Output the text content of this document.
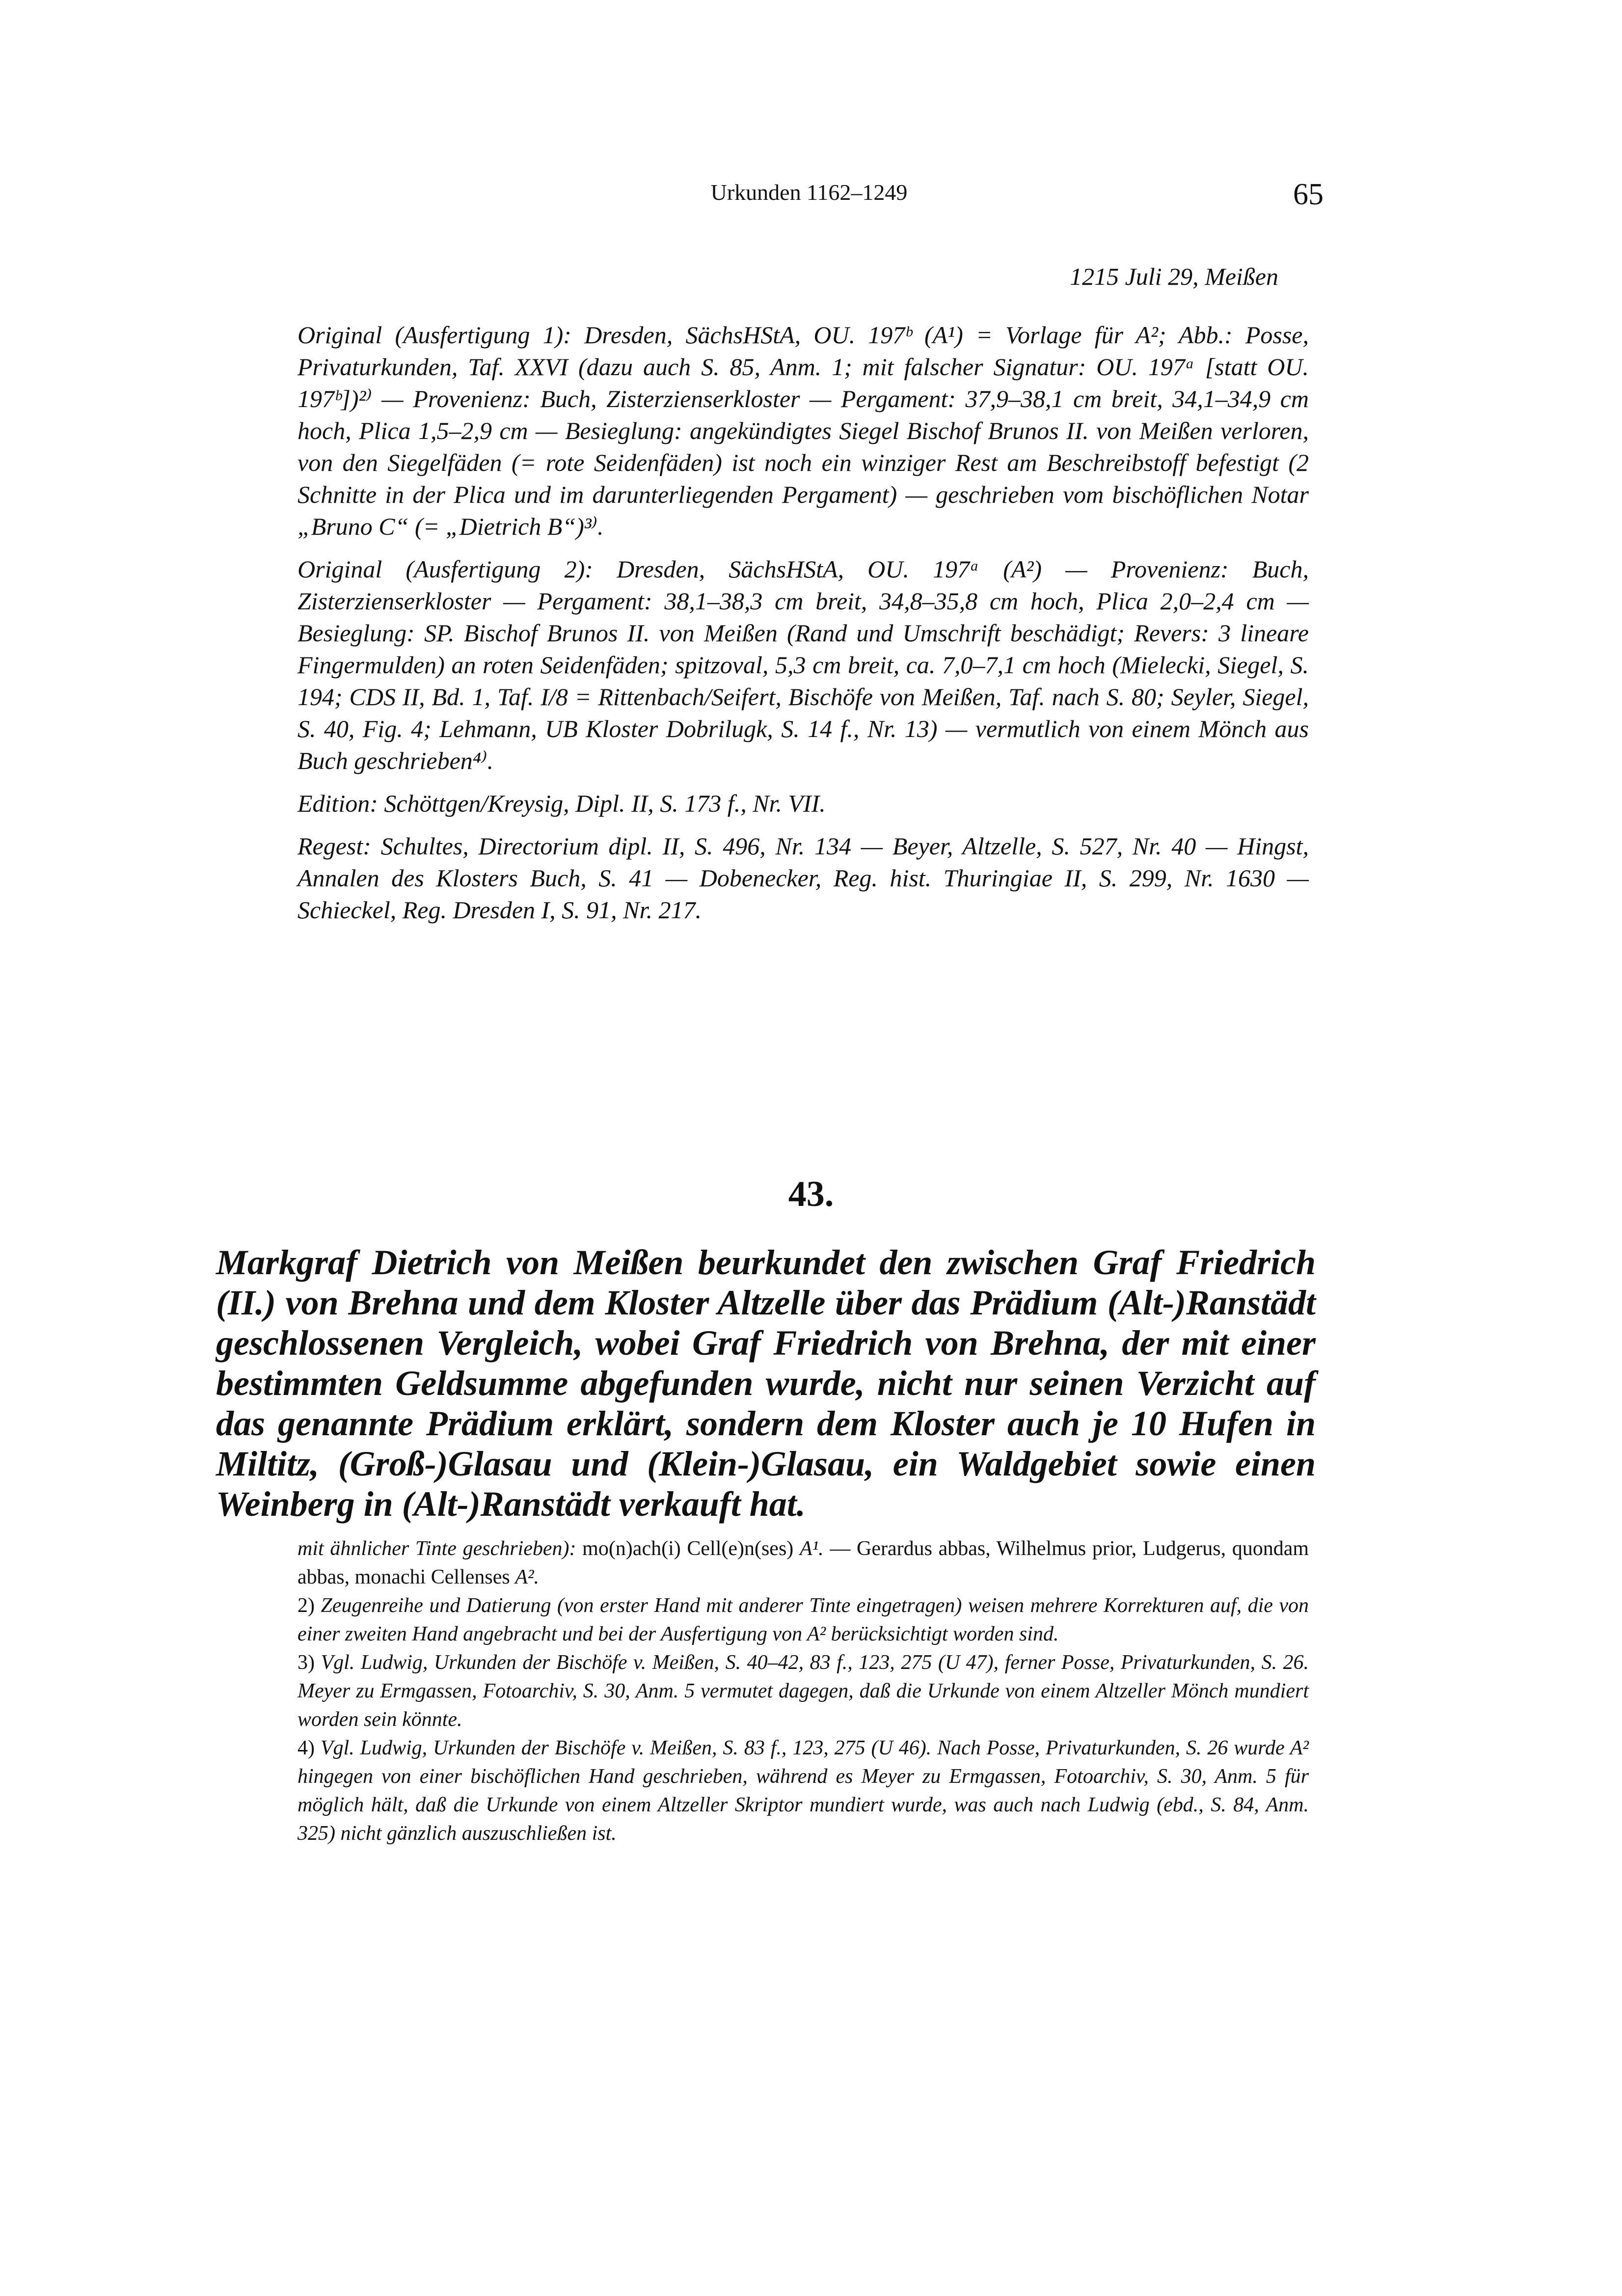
Urkunden 1162–1249	65
1215 Juli 29, Meißen

Original (Ausfertigung 1): Dresden, SächsHStA, OU. 197ᵇ (A¹) = Vorlage für A²; Abb.: Posse, Privaturkunden, Taf. XXVI (dazu auch S. 85, Anm. 1; mit falscher Signatur: OU. 197ᵃ [statt OU. 197ᵇ])²⁾ — Provenienz: Buch, Zisterzienserkloster — Pergament: 37,9–38,1 cm breit, 34,1–34,9 cm hoch, Plica 1,5–2,9 cm — Besieglung: angekündigtes Siegel Bischof Brunos II. von Meißen verloren, von den Siegelfäden (= rote Seidenfäden) ist noch ein winziger Rest am Beschreibstoff befestigt (2 Schnitte in der Plica und im darunterliegenden Pergament) — geschrieben vom bischöflichen Notar „Bruno C“ (= „Dietrich B“)³⁾.

Original (Ausfertigung 2): Dresden, SächsHStA, OU. 197ᵃ (A²) — Provenienz: Buch, Zisterzienserkloster — Pergament: 38,1–38,3 cm breit, 34,8–35,8 cm hoch, Plica 2,0–2,4 cm — Besieglung: SP. Bischof Brunos II. von Meißen (Rand und Umschrift beschädigt; Revers: 3 lineare Fingermulden) an roten Seidenfäden; spitzoval, 5,3 cm breit, ca. 7,0–7,1 cm hoch (Mielecki, Siegel, S. 194; CDS II, Bd. 1, Taf. I/8 = Rittenbach/Seifert, Bischöfe von Meißen, Taf. nach S. 80; Seyler, Siegel, S. 40, Fig. 4; Lehmann, UB Kloster Dobrilugk, S. 14 f., Nr. 13) — vermutlich von einem Mönch aus Buch geschrieben⁴⁾.

Edition: Schöttgen/Kreysig, Dipl. II, S. 173 f., Nr. VII.

Regest: Schultes, Directorium dipl. II, S. 496, Nr. 134 — Beyer, Altzelle, S. 527, Nr. 40 — Hingst, Annalen des Klosters Buch, S. 41 — Dobenecker, Reg. hist. Thuringiae II, S. 299, Nr. 1630 — Schieckel, Reg. Dresden I, S. 91, Nr. 217.

43.
Markgraf Dietrich von Meißen beurkundet den zwischen Graf Friedrich (II.) von Brehna und dem Kloster Altzelle über das Prädium (Alt-)Ranstädt geschlossenen Vergleich, wobei Graf Friedrich von Brehna, der mit einer bestimmten Geldsumme abgefunden wurde, nicht nur seinen Verzicht auf das genannte Prädium erklärt, sondern dem Kloster auch je 10 Hufen in Miltitz, (Groß-)Glasau und (Klein-)Glasau, ein Waldgebiet sowie einen Weinberg in (Alt-)Ranstädt verkauft hat.

mit ähnlicher Tinte geschrieben): mo(n)ach(i) Cell(e)n(ses) A¹. — Gerardus abbas, Wilhelmus prior, Ludgerus, quondam abbas, monachi Cellenses A².

2) Zeugenreihe und Datierung (von erster Hand mit anderer Tinte eingetragen) weisen mehrere Korrekturen auf, die von einer zweiten Hand angebracht und bei der Ausfertigung von A² berücksichtigt worden sind.

3) Vgl. Ludwig, Urkunden der Bischöfe v. Meißen, S. 40–42, 83 f., 123, 275 (U 47), ferner Posse, Privaturkunden, S. 26. Meyer zu Ermgassen, Fotoarchiv, S. 30, Anm. 5 vermutet dagegen, daß die Urkunde von einem Altzeller Mönch mundiert worden sein könnte.

4) Vgl. Ludwig, Urkunden der Bischöfe v. Meißen, S. 83 f., 123, 275 (U 46). Nach Posse, Privaturkunden, S. 26 wurde A² hingegen von einer bischöflichen Hand geschrieben, während es Meyer zu Ermgassen, Fotoarchiv, S. 30, Anm. 5 für möglich hält, daß die Urkunde von einem Altzeller Skriptor mundiert wurde, was auch nach Ludwig (ebd., S. 84, Anm. 325) nicht gänzlich auszuschließen ist.
